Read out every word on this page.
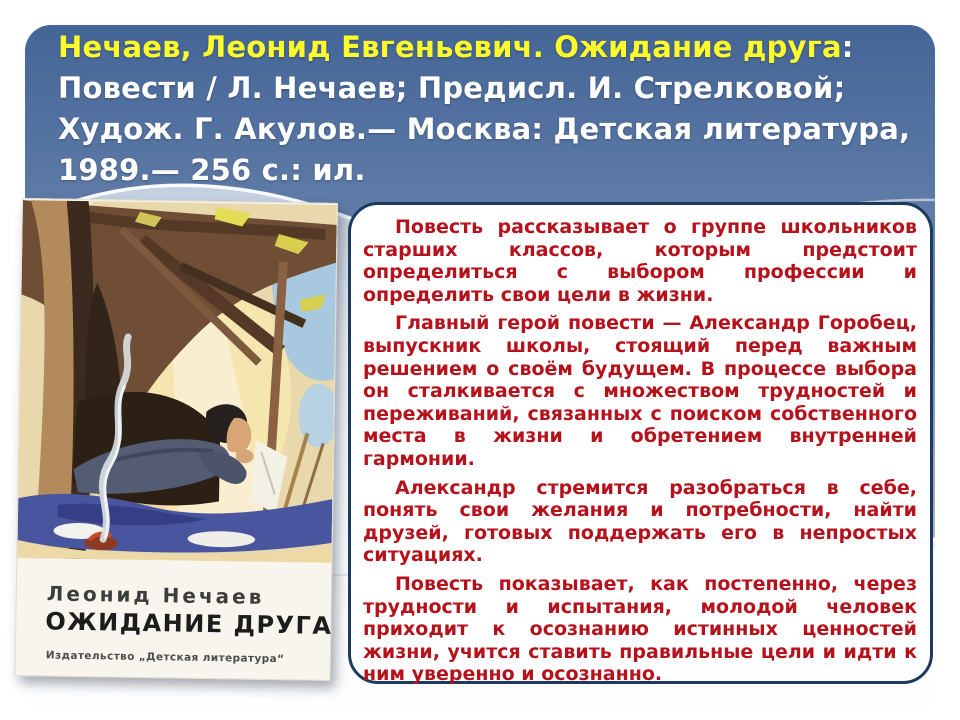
Нечаев, Леонид Евгеньевич. Ожидание друга:
Повести / Л. Нечаев; Предисл. И. Стрелковой;
Худож. Г. Акулов.— Москва: Детская литература,
1989.— 256 с.: ил.
Леонид Нечаев
ОЖИДАНИЕ ДРУГА
Издательство „Детская литература“

Повесть рассказывает о группе школьников старших классов, которым предстоит определиться с выбором профессии и определить свои цели в жизни.

Главный герой повести — Александр Горобец, выпускник школы, стоящий перед важным решением о своём будущем. В процессе выбора он сталкивается с множеством трудностей и переживаний, связанных с поиском собственного места в жизни и обретением внутренней гармонии.

Александр стремится разобраться в себе, понять свои желания и потребности, найти друзей, готовых поддержать его в непростых ситуациях.

Повесть показывает, как постепенно, через трудности и испытания, молодой человек приходит к осознанию истинных ценностей жизни, учится ставить правильные цели и идти к ним уверенно и осознанно.
